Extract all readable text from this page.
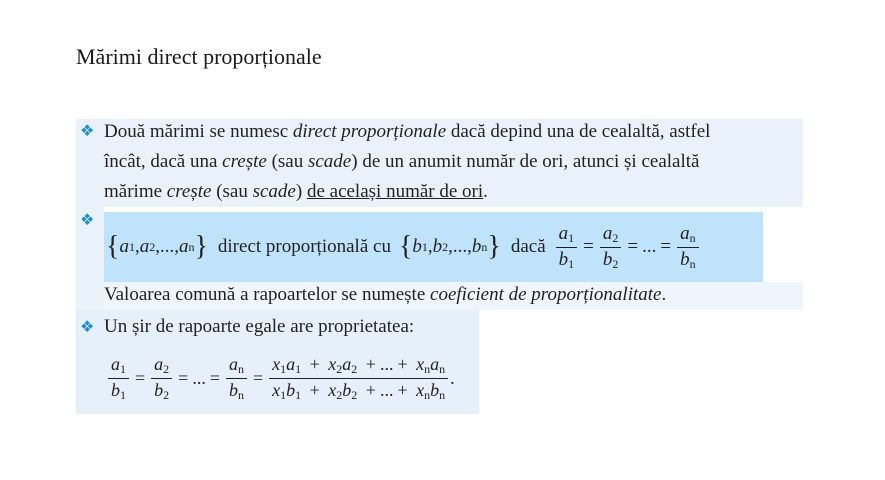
Mărimi direct proporționale
❖ Două mărimi se numesc direct proporționale dacă depind una de cealaltă, astfel
încât, dacă una crește (sau scade) de un anumit număr de ori, atunci și cealaltă
mărime crește (sau scade) de același număr de ori.
❖
{ a 1 , a 2 , ... , a n } direct proporțională cu { b 1 , b 2 , ... , b n } dacă $\frac{a_1}{b_1} = \frac{a_2}{b_2}$ = ... = $\frac{a_n}{b_n}$
Valoarea comună a rapoartelor se numește coeficient de proporționalitate.
❖ Un șir de rapoarte egale are proprietatea:
$\frac{a_1}{b_1} = \frac{a_2}{b_2}$ = ... = $\frac{a_n}{b_n} = \frac{x_1a_1 + x_2a_2 + ... + x_na_n}{x_1b_1 + x_2b_2 + ... + x_nb_n}$ .
